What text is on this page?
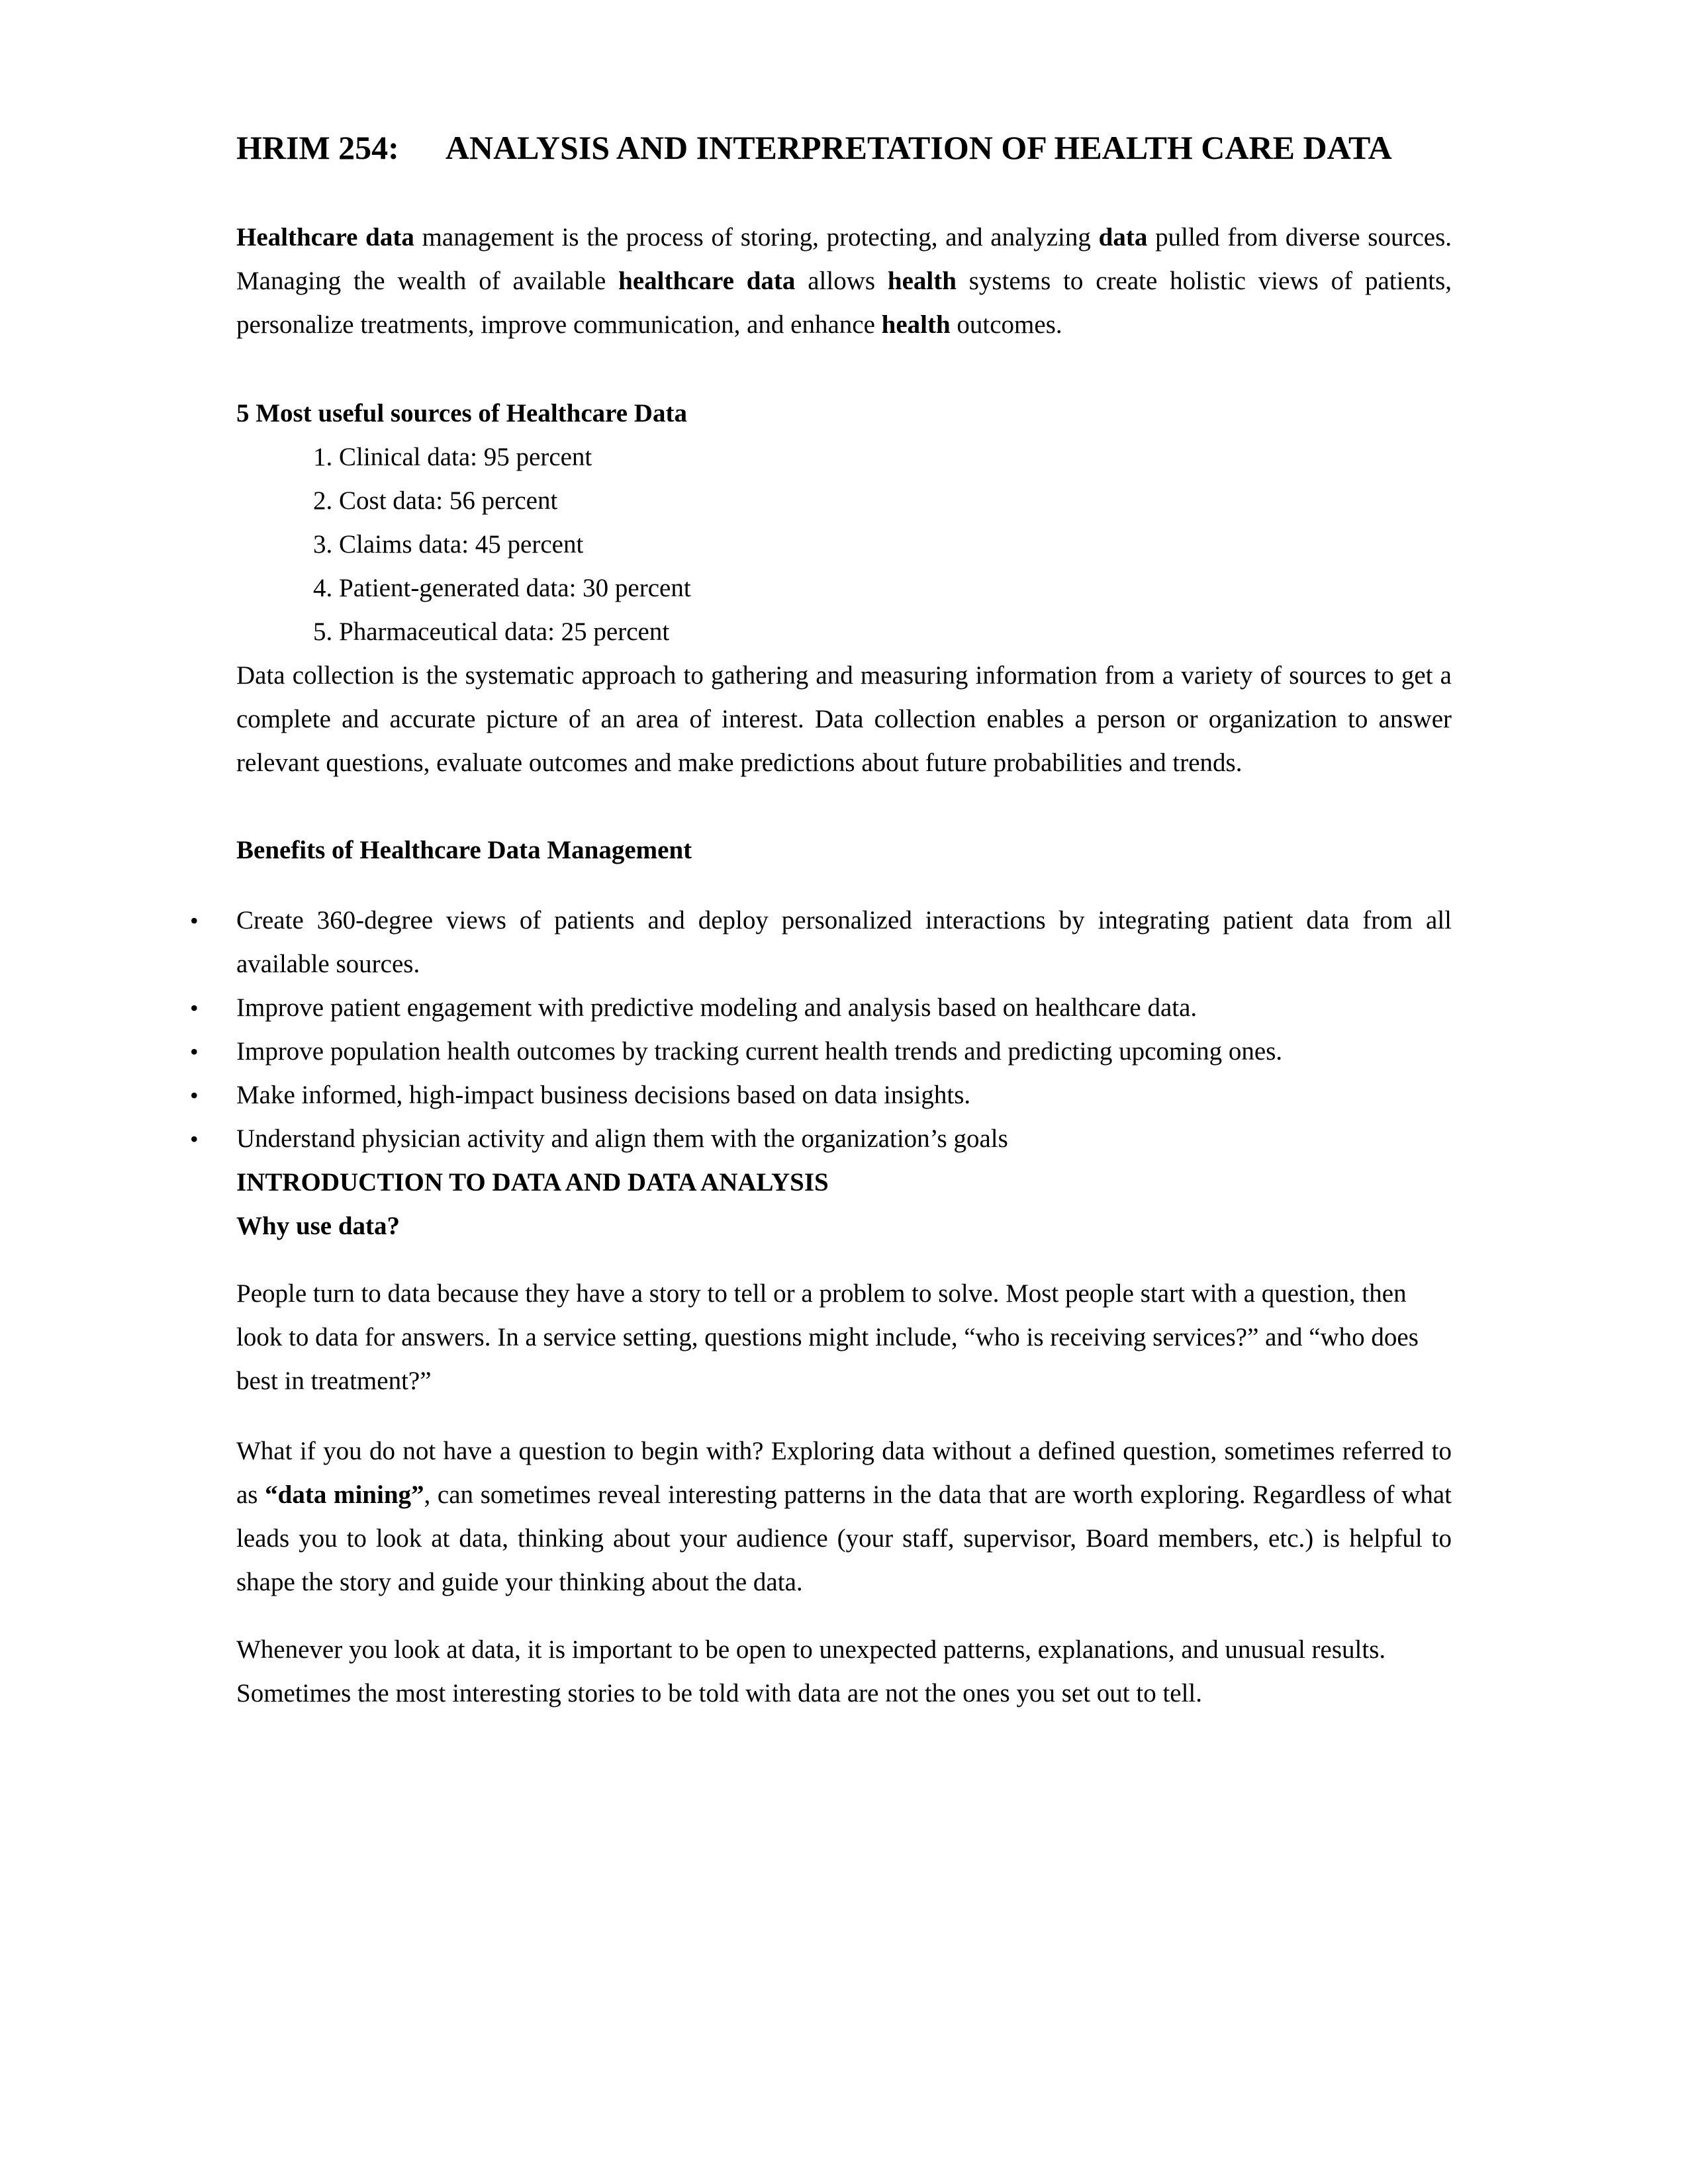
HRIM 254: ANALYSIS AND INTERPRETATION OF HEALTH CARE DATA

Healthcare data management is the process of storing, protecting, and analyzing data pulled from diverse sources. Managing the wealth of available healthcare data allows health systems to create holistic views of patients, personalize treatments, improve communication, and enhance health outcomes.

5 Most useful sources of Healthcare Data
1. Clinical data: 95 percent
2. Cost data: 56 percent
3. Claims data: 45 percent
4. Patient-generated data: 30 percent
5. Pharmaceutical data: 25 percent

Data collection is the systematic approach to gathering and measuring information from a variety of sources to get a complete and accurate picture of an area of interest. Data collection enables a person or organization to answer relevant questions, evaluate outcomes and make predictions about future probabilities and trends.

Benefits of Healthcare Data Management
• Create 360-degree views of patients and deploy personalized interactions by integrating patient data from all available sources.
• Improve patient engagement with predictive modeling and analysis based on healthcare data.
• Improve population health outcomes by tracking current health trends and predicting upcoming ones.
• Make informed, high-impact business decisions based on data insights.
• Understand physician activity and align them with the organization’s goals
INTRODUCTION TO DATA AND DATA ANALYSIS
Why use data?

People turn to data because they have a story to tell or a problem to solve. Most people start with a question, then look to data for answers. In a service setting, questions might include, “who is receiving services?” and “who does best in treatment?”

What if you do not have a question to begin with? Exploring data without a defined question, sometimes referred to as “data mining”, can sometimes reveal interesting patterns in the data that are worth exploring. Regardless of what leads you to look at data, thinking about your audience (your staff, supervisor, Board members, etc.) is helpful to shape the story and guide your thinking about the data.

Whenever you look at data, it is important to be open to unexpected patterns, explanations, and unusual results. Sometimes the most interesting stories to be told with data are not the ones you set out to tell.
